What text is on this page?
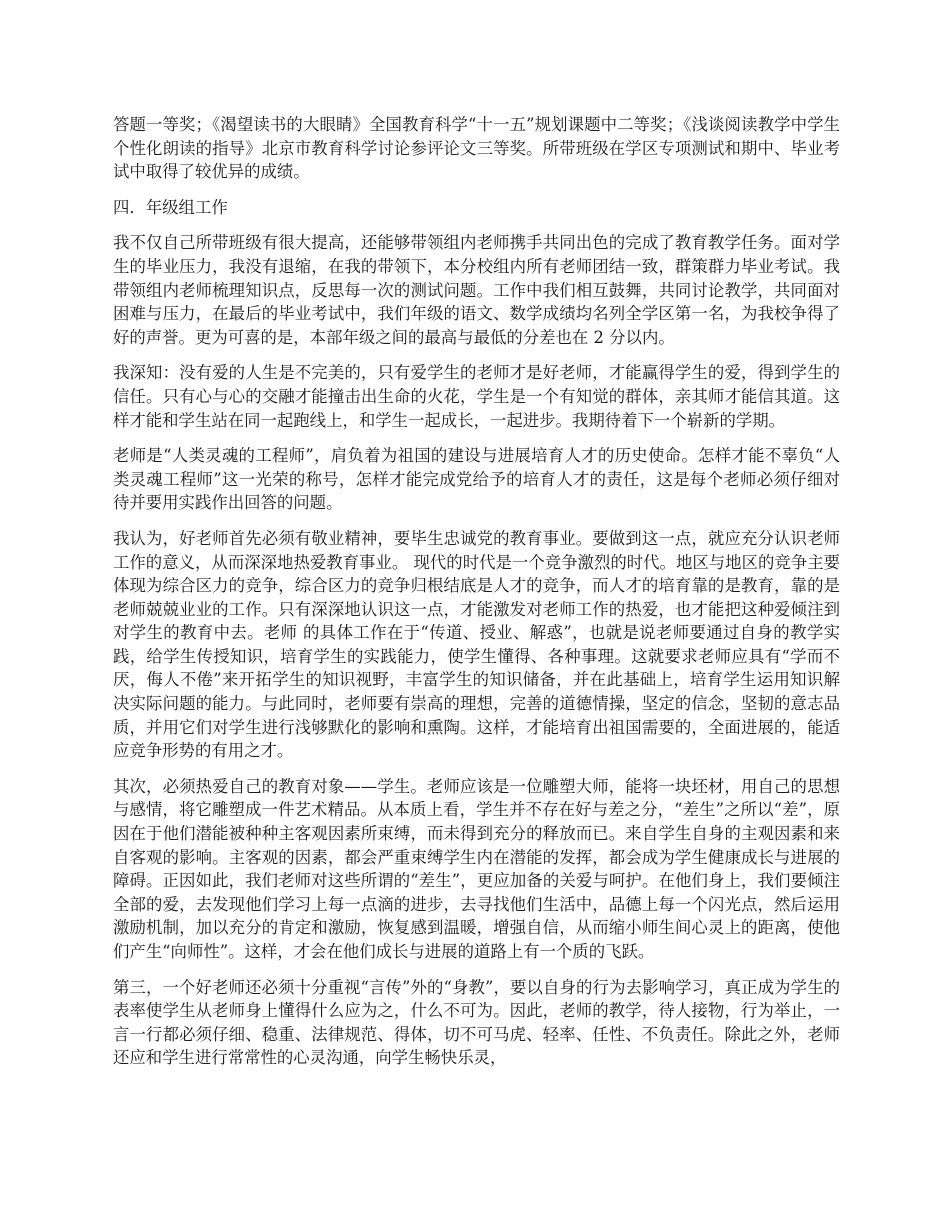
答题一等奖；《渴望读书的大眼睛》全国教育科学“十一五”规划课题中二等奖；《浅谈阅读教学中学生个性化朗读的指导》北京市教育科学讨论参评论文三等奖。所带班级在学区专项测试和期中、毕业考试中取得了较优异的成绩。

四．年级组工作

我不仅自己所带班级有很大提高，还能够带领组内老师携手共同出色的完成了教育教学任务。面对学生的毕业压力，我没有退缩，在我的带领下，本分校组内所有老师团结一致，群策群力毕业考试。我带领组内老师梳理知识点，反思每一次的测试问题。工作中我们相互鼓舞，共同讨论教学，共同面对困难与压力，在最后的毕业考试中，我们年级的语文、数学成绩均名列全学区第一名，为我校争得了好的声誉。更为可喜的是，本部年级之间的最高与最低的分差也在 2 分以内。

我深知：没有爱的人生是不完美的，只有爱学生的老师才是好老师，才能赢得学生的爱，得到学生的信任。只有心与心的交融才能撞击出生命的火花，学生是一个有知觉的群体，亲其师才能信其道。这样才能和学生站在同一起跑线上，和学生一起成长，一起进步。我期待着下一个崭新的学期。

老师是“人类灵魂的工程师”，肩负着为祖国的建设与进展培育人才的历史使命。怎样才能不辜负“人类灵魂工程师”这一光荣的称号，怎样才能完成党给予的培育人才的责任，这是每个老师必须仔细对待并要用实践作出回答的问题。

我认为，好老师首先必须有敬业精神，要毕生忠诚党的教育事业。要做到这一点，就应充分认识老师工作的意义，从而深深地热爱教育事业。 现代的时代是一个竞争激烈的时代。地区与地区的竞争主要体现为综合区力的竞争，综合区力的竞争归根结底是人才的竞争，而人才的培育靠的是教育，靠的是老师兢兢业业的工作。只有深深地认识这一点，才能激发对老师工作的热爱，也才能把这种爱倾注到对学生的教育中去。老师 的具体工作在于“传道、授业、解惑”，也就是说老师要通过自身的教学实践，给学生传授知识，培育学生的实践能力，使学生懂得、各种事理。这就要求老师应具有“学而不厌，侮人不倦”来开拓学生的知识视野，丰富学生的知识储备，并在此基础上，培育学生运用知识解决实际问题的能力。与此同时，老师要有崇高的理想，完善的道德情操，坚定的信念，坚韧的意志品质，并用它们对学生进行浅够默化的影响和熏陶。这样，才能培育出祖国需要的，全面进展的，能适应竞争形势的有用之才。

其次，必须热爱自己的教育对象——学生。老师应该是一位雕塑大师，能将一块坯材，用自己的思想与感情，将它雕塑成一件艺术精品。从本质上看，学生并不存在好与差之分，“差生”之所以“差”，原因在于他们潜能被种种主客观因素所束缚，而未得到充分的释放而已。来自学生自身的主观因素和来自客观的影响。主客观的因素，都会严重束缚学生内在潜能的发挥，都会成为学生健康成长与进展的障碍。正因如此，我们老师对这些所谓的“差生”，更应加备的关爱与呵护。在他们身上，我们要倾注全部的爱，去发现他们学习上每一点滴的进步，去寻找他们生活中，品德上每一个闪光点，然后运用激励机制，加以充分的肯定和激励，恢复感到温暖，增强自信，从而缩小师生间心灵上的距离，使他们产生“向师性”。这样，才会在他们成长与进展的道路上有一个质的飞跃。

第三，一个好老师还必须十分重视“言传”外的“身教”，要以自身的行为去影响学习，真正成为学生的表率使学生从老师身上懂得什么应为之，什么不可为。因此，老师的教学，待人接物，行为举止，一言一行都必须仔细、稳重、法律规范、得体，切不可马虎、轻率、任性、不负责任。除此之外，老师还应和学生进行常常性的心灵沟通，向学生畅快乐灵，
